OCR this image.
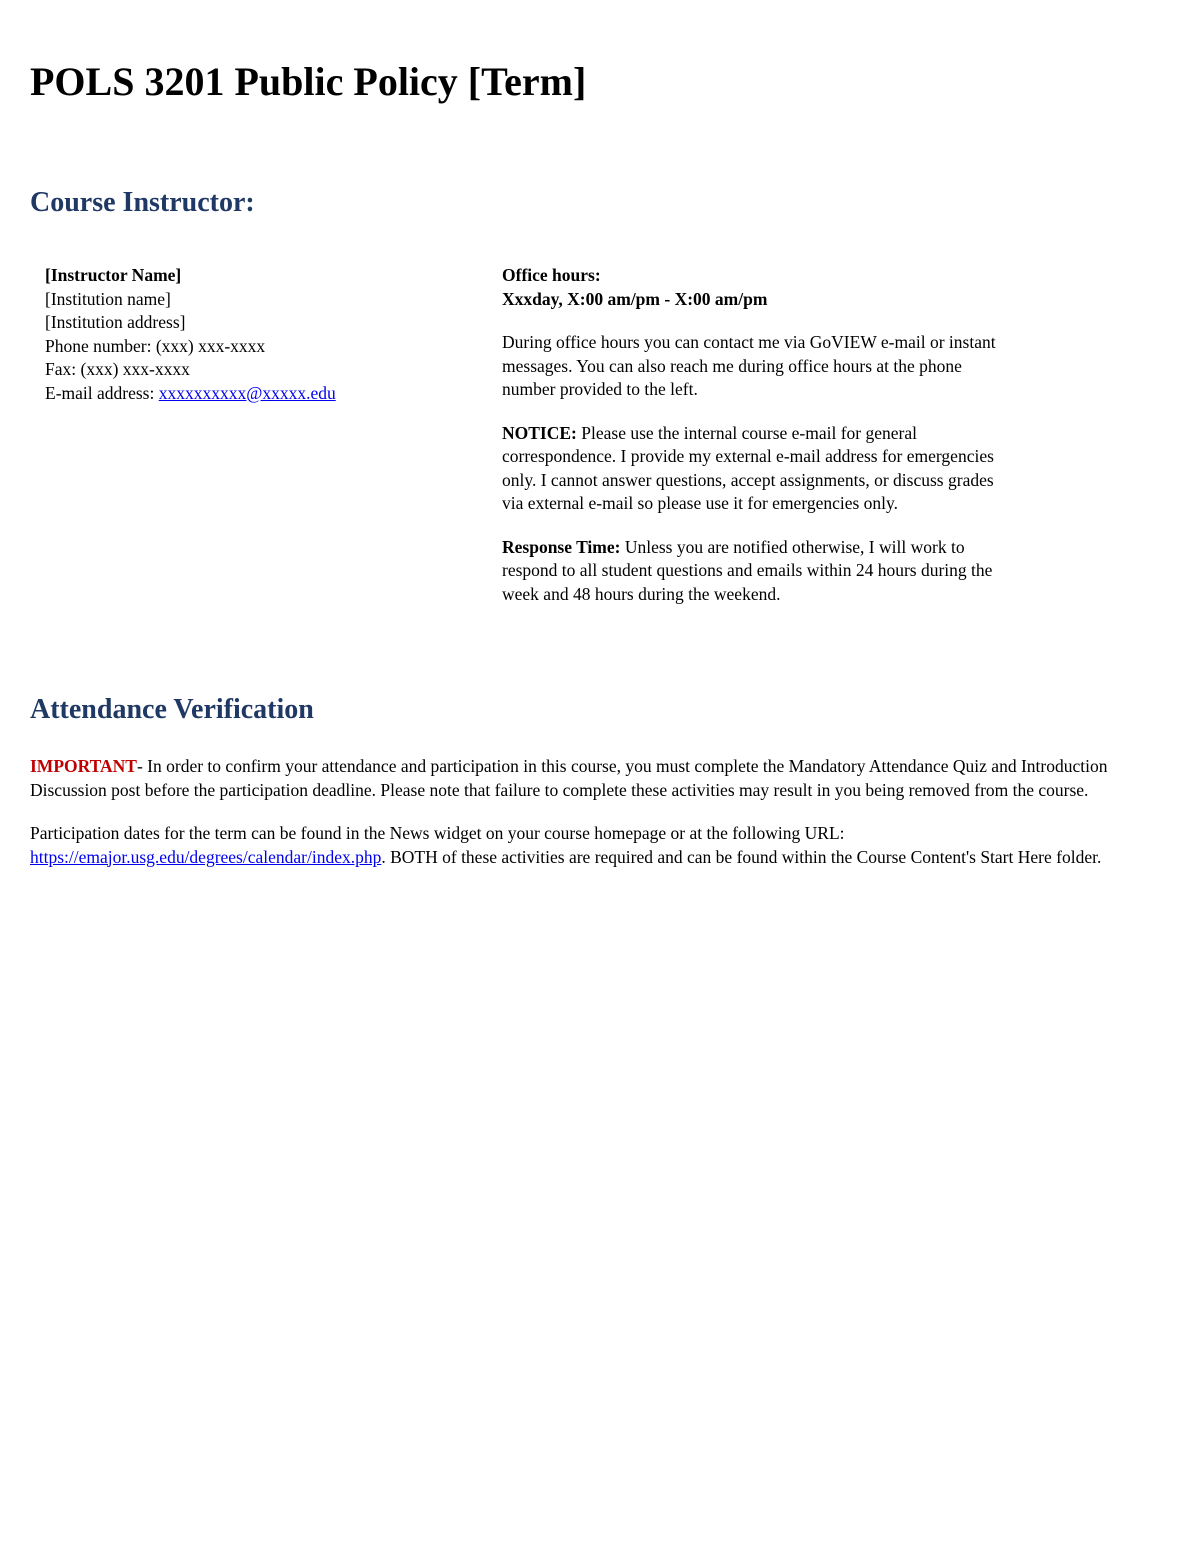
POLS 3201 Public Policy [Term]
Course Instructor:
[Instructor Name]
[Institution name]
[Institution address]
Phone number: (xxx) xxx-xxxx
Fax: (xxx) xxx-xxxx
E-mail address: xxxxxxxxxx@xxxxx.edu

Office hours:

Xxxday, X:00 am/pm - X:00 am/pm

During office hours you can contact me via GoVIEW e-mail or instant messages. You can also reach me during office hours at the phone number provided to the left.

NOTICE: Please use the internal course e-mail for general correspondence. I provide my external e-mail address for emergencies only. I cannot answer questions, accept assignments, or discuss grades via external e-mail so please use it for emergencies only.

Response Time: Unless you are notified otherwise, I will work to respond to all student questions and emails within 24 hours during the week and 48 hours during the weekend.

Attendance Verification

IMPORTANT- In order to confirm your attendance and participation in this course, you must complete the Mandatory Attendance Quiz and Introduction Discussion post before the participation deadline. Please note that failure to complete these activities may result in you being removed from the course.

Participation dates for the term can be found in the News widget on your course homepage or at the following URL: https://emajor.usg.edu/degrees/calendar/index.php. BOTH of these activities are required and can be found within the Course Content's Start Here folder.
